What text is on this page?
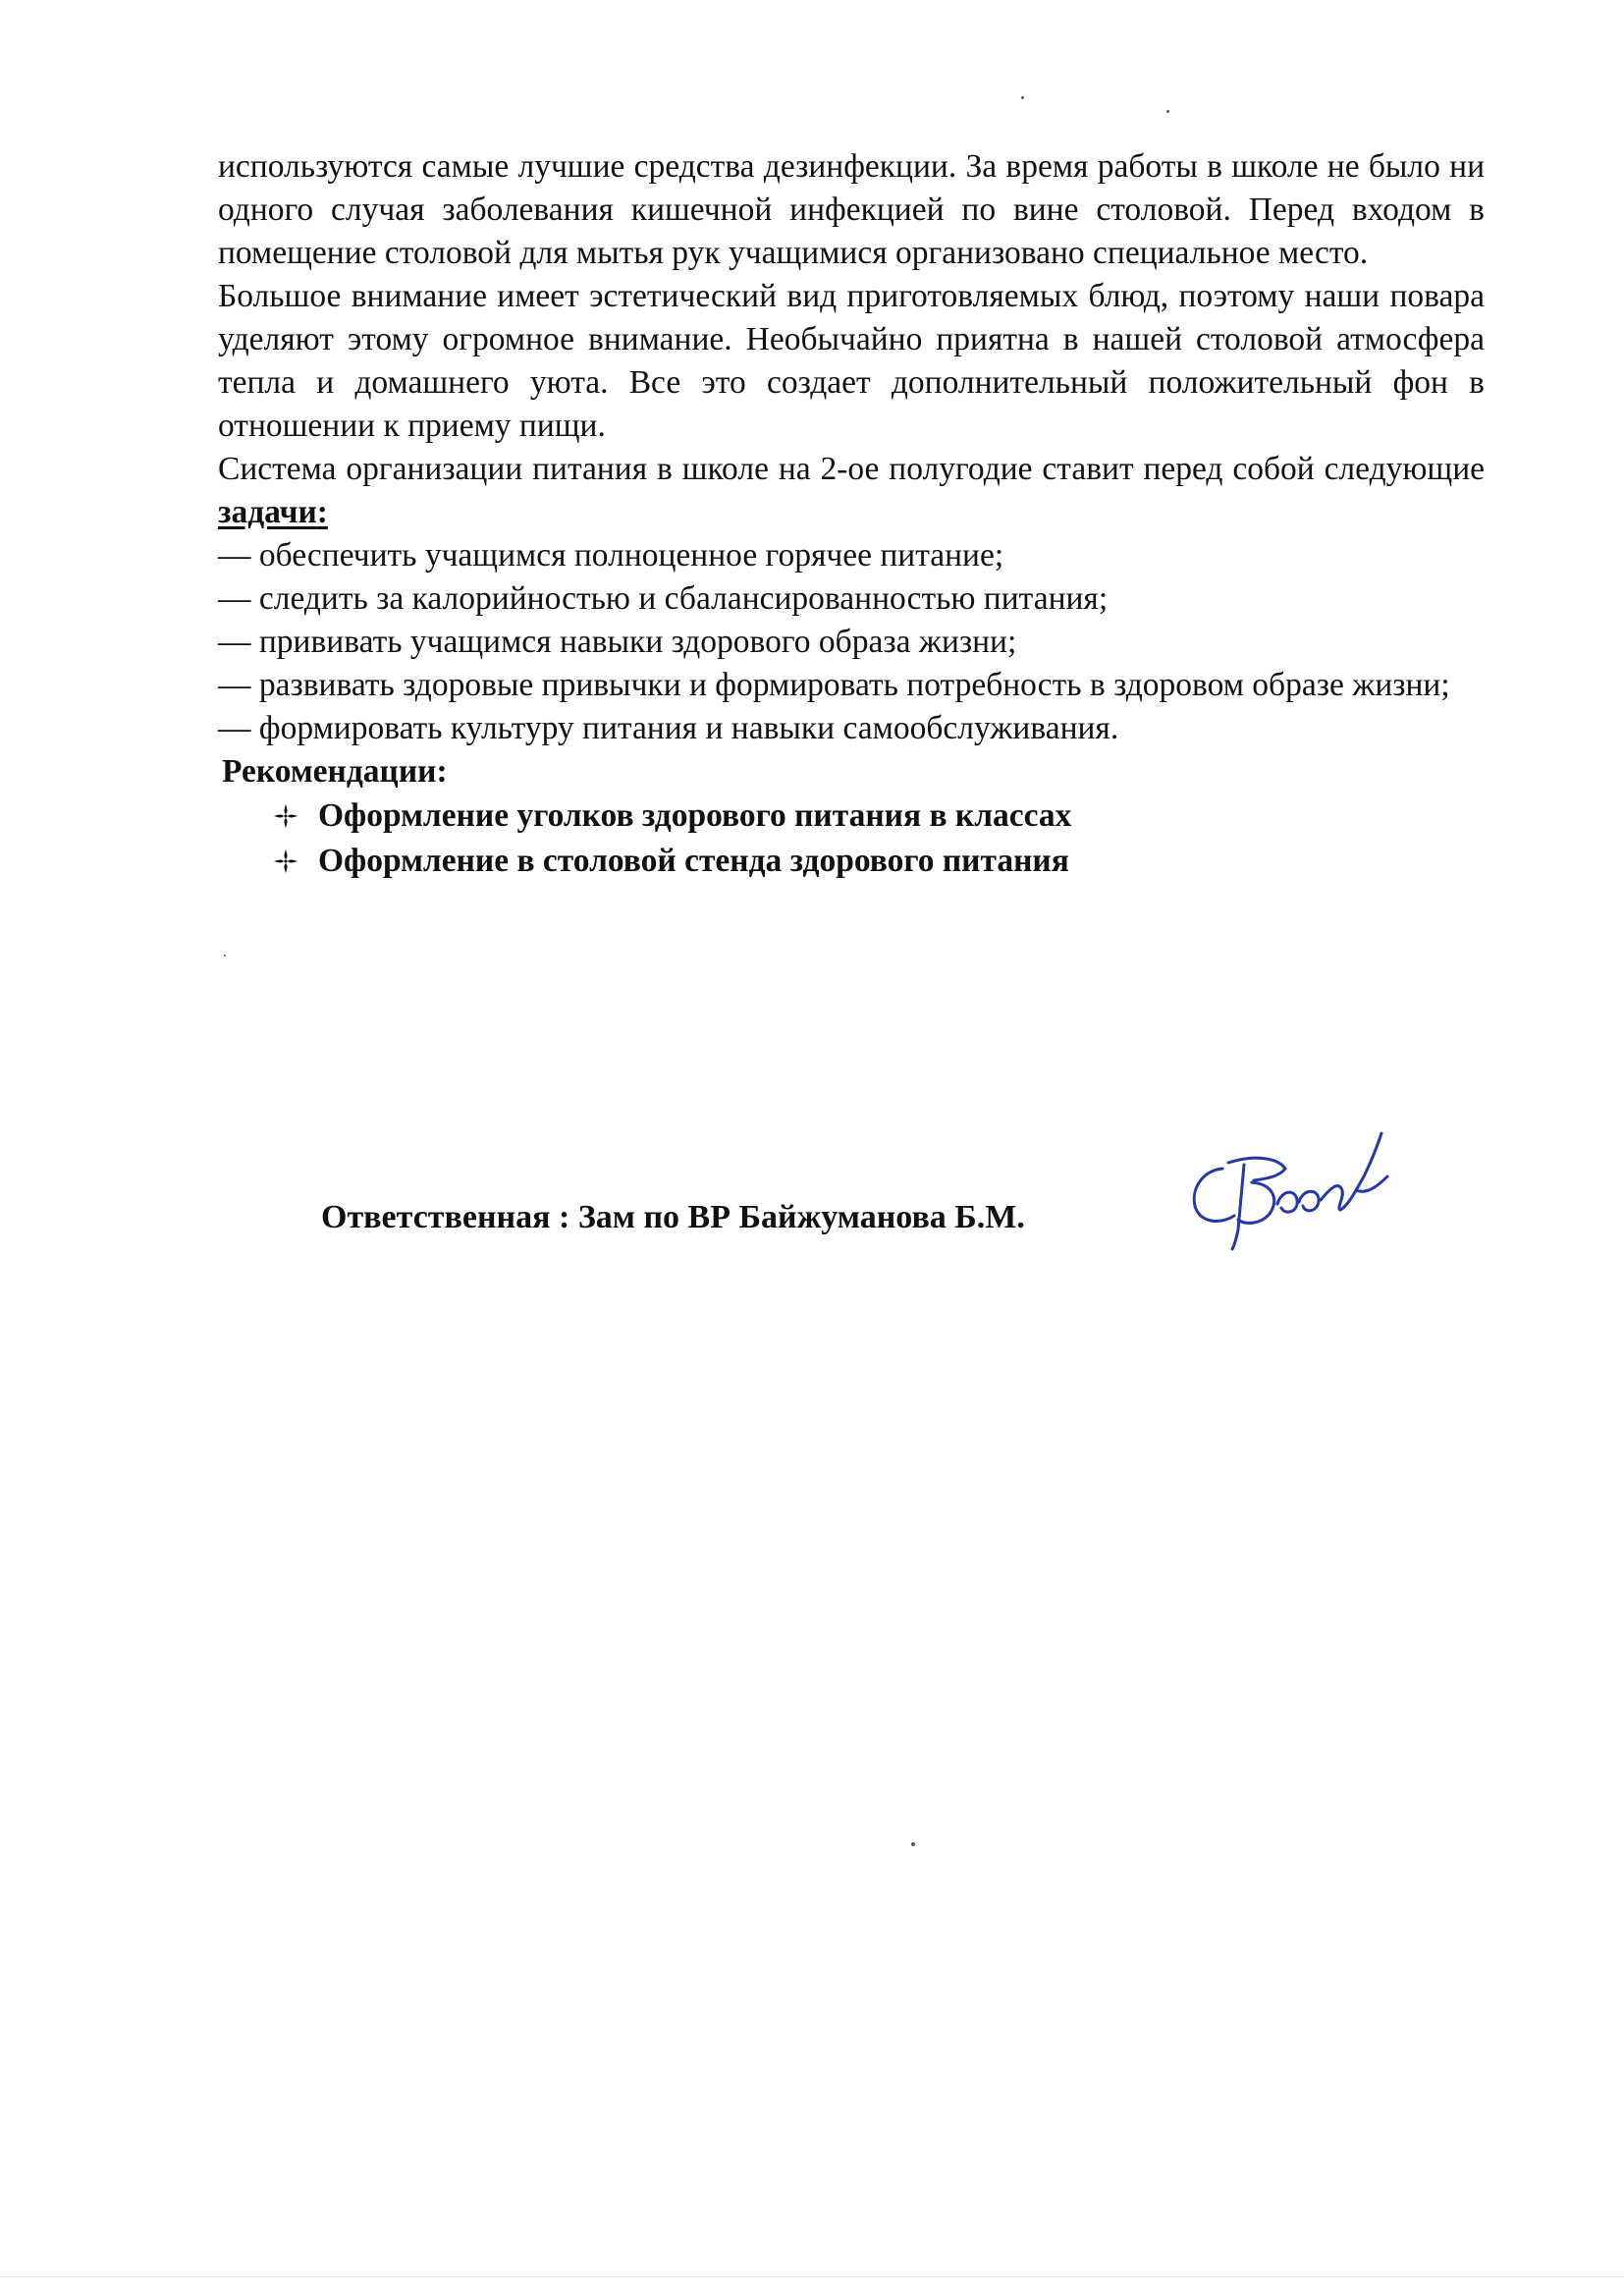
используются самые лучшие средства дезинфекции. За время работы в школе не было ни одного случая заболевания кишечной инфекцией по вине столовой. Перед входом в помещение столовой для мытья рук учащимися организовано специальное место.

Большое внимание имеет эстетический вид приготовляемых блюд, поэтому наши повара уделяют этому огромное внимание. Необычайно приятна в нашей столовой атмосфера тепла и домашнего уюта. Все это создает дополнительный положительный фон в отношении к приему пищи.

Система организации питания в школе на 2-ое полугодие ставит перед собой следующие задачи:

— обеспечить учащимся полноценное горячее питание;

— следить за калорийностью и сбалансированностью питания;

— прививать учащимся навыки здорового образа жизни;

— развивать здоровые привычки и формировать потребность в здоровом образе жизни;

— формировать культуру питания и навыки самообслуживания.

Рекомендации:

Оформление уголков здорового питания в классах
Оформление в столовой стенда здорового питания
Ответственная : Зам по ВР Байжуманова Б.М.
